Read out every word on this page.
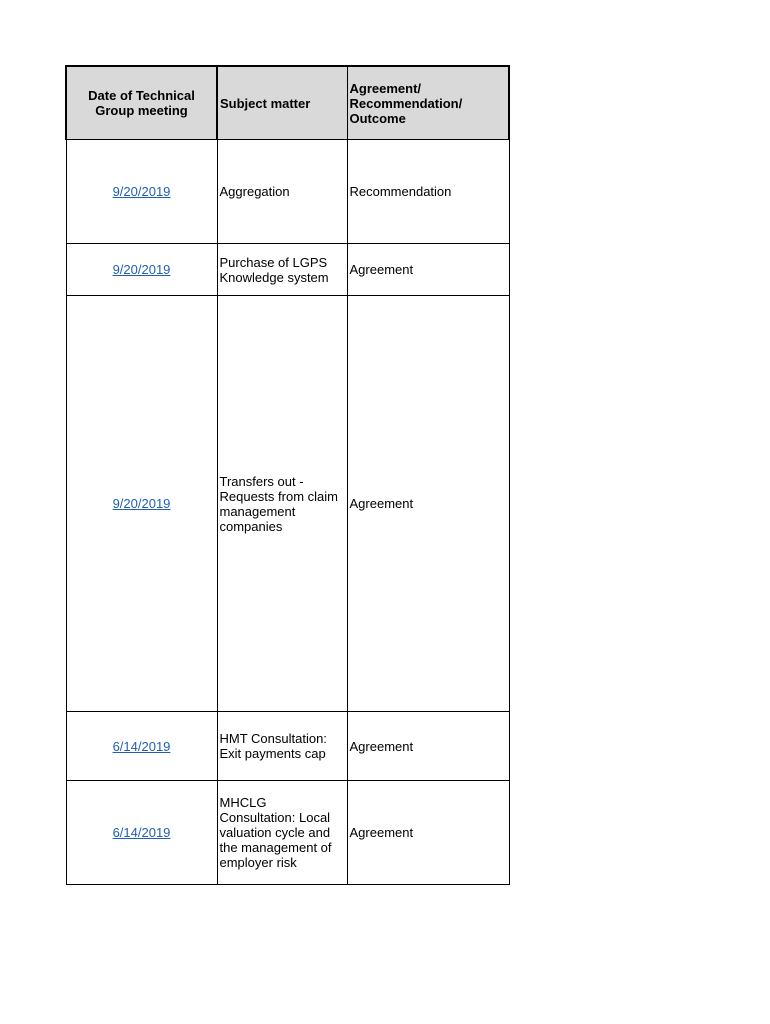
Date of Technical Group meeting	Subject matter	Agreement/ Recommendation/ Outcome
9/20/2019	Aggregation	Recommendation
9/20/2019	Purchase of LGPS Knowledge system	Agreement
9/20/2019	Transfers out - Requests from claim management companies	Agreement
6/14/2019	HMT Consultation: Exit payments cap	Agreement
6/14/2019	MHCLG Consultation: Local valuation cycle and the management of employer risk	Agreement
